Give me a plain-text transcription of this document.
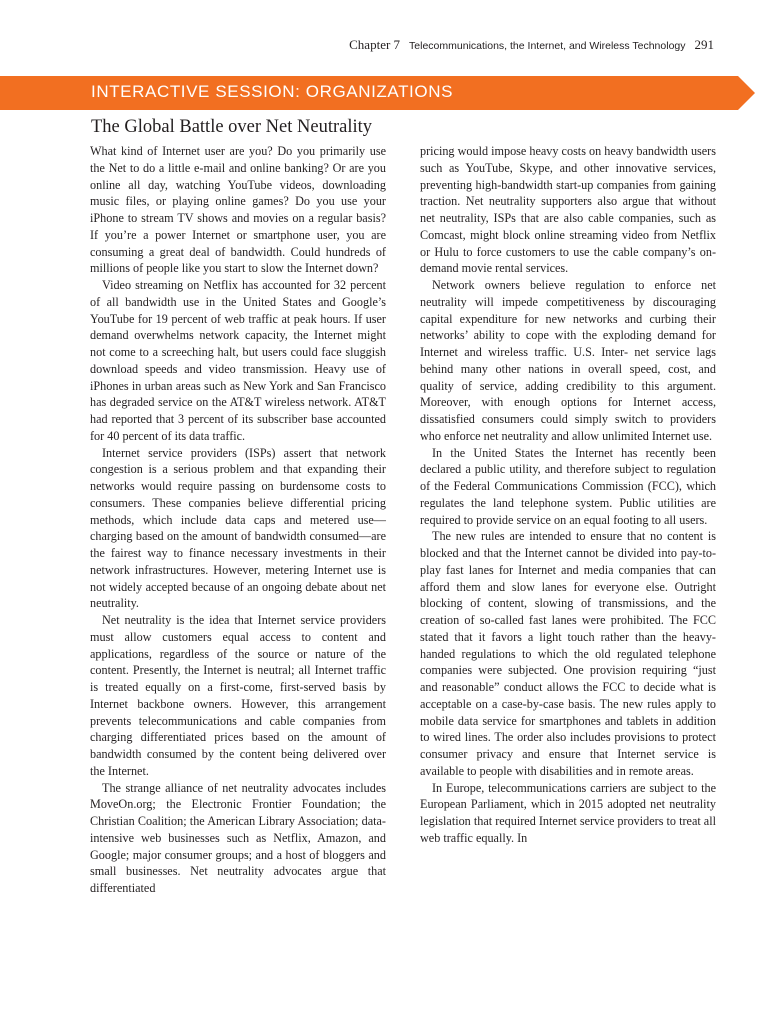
Chapter 7 Telecommunications, the Internet, and Wireless Technology 291
INTERACTIVE SESSION: ORGANIZATIONS
The Global Battle over Net Neutrality

What kind of Internet user are you? Do you primarily use the Net to do a little e-mail and online banking? Or are you online all day, watching YouTube videos, downloading music files, or playing online games? Do you use your iPhone to stream TV shows and movies on a regular basis? If you’re a power Internet or smartphone user, you are consuming a great deal of bandwidth. Could hundreds of millions of people like you start to slow the Internet down?

Video streaming on Netflix has accounted for 32 percent of all bandwidth use in the United States and Google’s YouTube for 19 percent of web traffic at peak hours. If user demand overwhelms network capacity, the Internet might not come to a screeching halt, but users could face sluggish download speeds and video transmission. Heavy use of iPhones in urban areas such as New York and San Francisco has degraded service on the AT&T wireless network. AT&T had reported that 3 percent of its subscriber base accounted for 40 percent of its data traffic.

Internet service providers (ISPs) assert that network congestion is a serious problem and that expanding their networks would require passing on burdensome costs to consumers. These companies believe differential pricing methods, which include data caps and metered use—charging based on the amount of bandwidth consumed—are the fairest way to finance necessary investments in their network infrastructures. However, metering Internet use is not widely accepted because of an ongoing debate about net neutrality.

Net neutrality is the idea that Internet service providers must allow customers equal access to content and applications, regardless of the source or nature of the content. Presently, the Internet is neutral; all Internet traffic is treated equally on a first-come, first-served basis by Internet backbone owners. However, this arrangement prevents telecommunications and cable companies from charging differentiated prices based on the amount of bandwidth consumed by the content being delivered over the Internet.

The strange alliance of net neutrality advocates includes MoveOn.org; the Electronic Frontier Foundation; the Christian Coalition; the American Library Association; data-intensive web businesses such as Netflix, Amazon, and Google; major consumer groups; and a host of bloggers and small businesses. Net neutrality advocates argue that differentiated

pricing would impose heavy costs on heavy bandwidth users such as YouTube, Skype, and other innovative services, preventing high-bandwidth start-up companies from gaining traction. Net neutrality supporters also argue that without net neutrality, ISPs that are also cable companies, such as Comcast, might block online streaming video from Netflix or Hulu to force customers to use the cable company’s on-demand movie rental services.

Network owners believe regulation to enforce net neutrality will impede competitiveness by discouraging capital expenditure for new networks and curbing their networks’ ability to cope with the exploding demand for Internet and wireless traffic. U.S. Inter- net service lags behind many other nations in overall speed, cost, and quality of service, adding credibility to this argument. Moreover, with enough options for Internet access, dissatisfied consumers could simply switch to providers who enforce net neutrality and allow unlimited Internet use.

In the United States the Internet has recently been declared a public utility, and therefore subject to regulation of the Federal Communications Commission (FCC), which regulates the land telephone system. Public utilities are required to provide service on an equal footing to all users.

The new rules are intended to ensure that no content is blocked and that the Internet cannot be divided into pay-to-play fast lanes for Internet and media companies that can afford them and slow lanes for everyone else. Outright blocking of content, slowing of transmissions, and the creation of so-called fast lanes were prohibited. The FCC stated that it favors a light touch rather than the heavy-handed regulations to which the old regulated telephone companies were subjected. One provision requiring “just and reasonable” conduct allows the FCC to decide what is acceptable on a case-by-case basis. The new rules apply to mobile data service for smartphones and tablets in addition to wired lines. The order also includes provisions to protect consumer privacy and ensure that Internet service is available to people with disabilities and in remote areas.

In Europe, telecommunications carriers are subject to the European Parliament, which in 2015 adopted net neutrality legislation that required Internet service providers to treat all web traffic equally. In
